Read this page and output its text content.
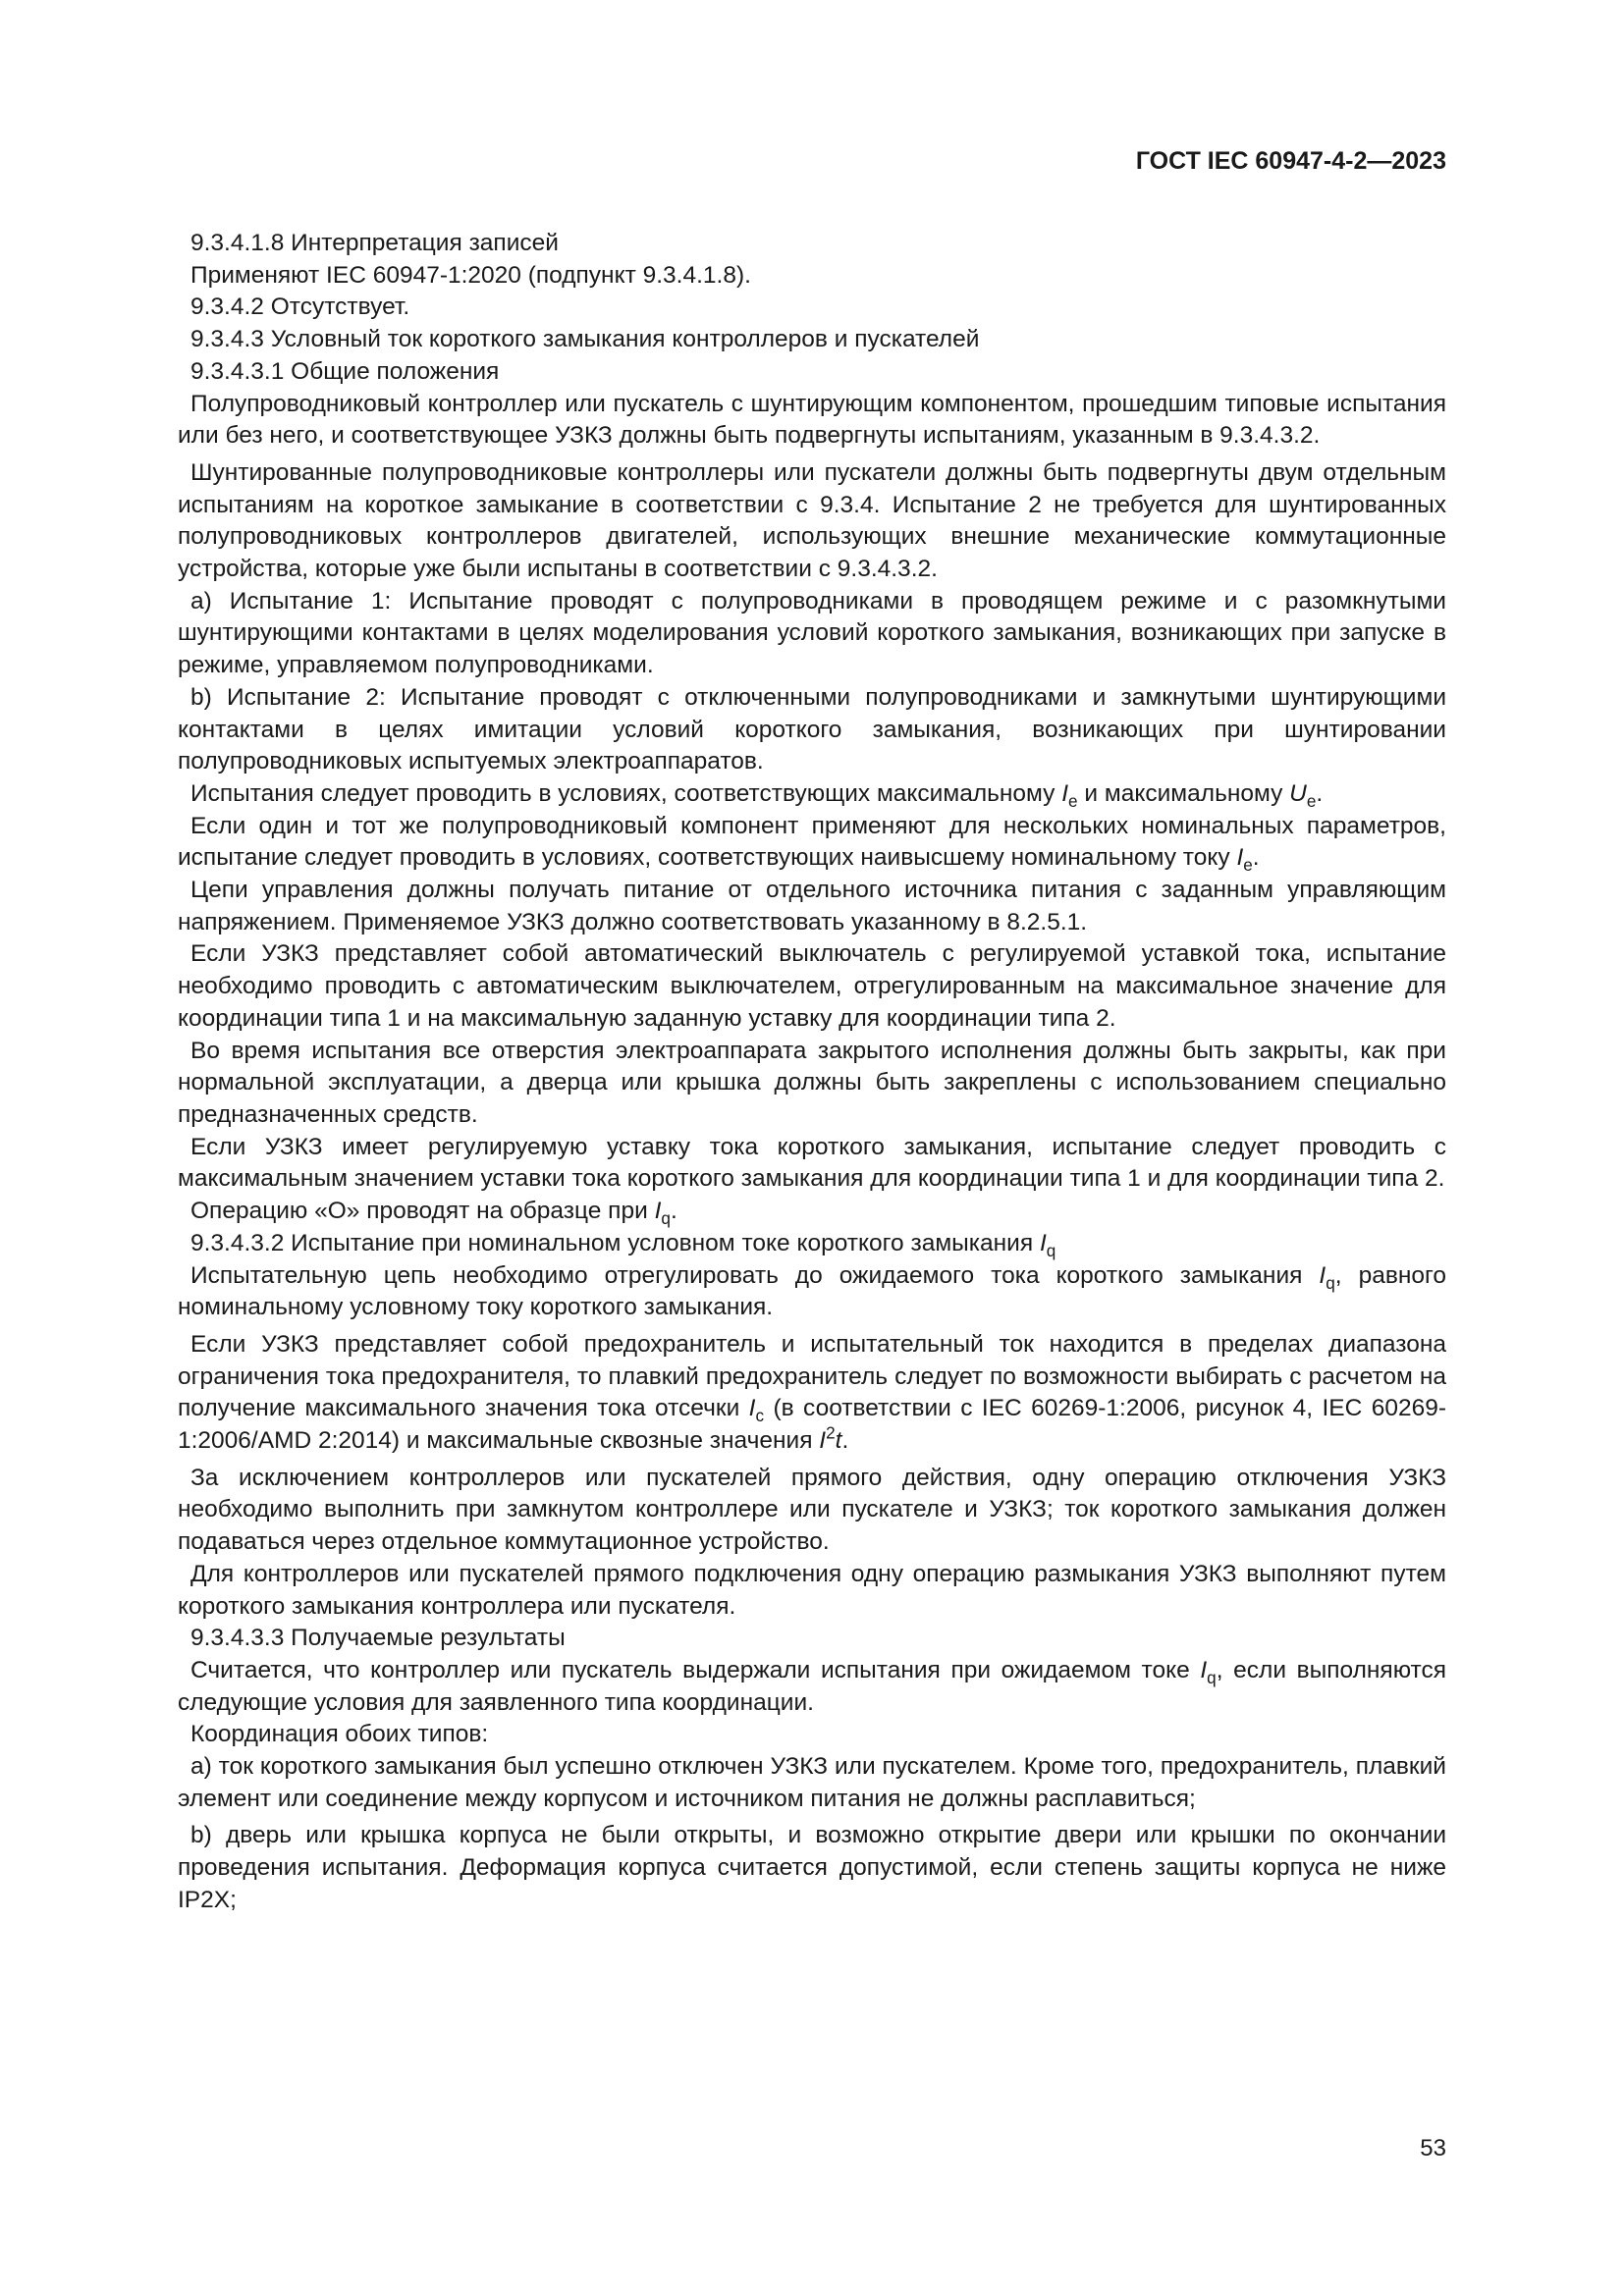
ГОСТ IEC 60947-4-2—2023

9.3.4.1.8 Интерпретация записей

Применяют IEC 60947-1:2020 (подпункт 9.3.4.1.8).

9.3.4.2 Отсутствует.

9.3.4.3 Условный ток короткого замыкания контроллеров и пускателей

9.3.4.3.1 Общие положения

Полупроводниковый контроллер или пускатель с шунтирующим компонентом, прошедшим типовые испытания или без него, и соответствующее УЗКЗ должны быть подвергнуты испытаниям, указанным в 9.3.4.3.2.

Шунтированные полупроводниковые контроллеры или пускатели должны быть подвергнуты двум отдельным испытаниям на короткое замыкание в соответствии с 9.3.4. Испытание 2 не требуется для шунтированных полупроводниковых контроллеров двигателей, использующих внешние механические коммутационные устройства, которые уже были испытаны в соответствии с 9.3.4.3.2.

a) Испытание 1: Испытание проводят с полупроводниками в проводящем режиме и с разомкнутыми шунтирующими контактами в целях моделирования условий короткого замыкания, возникающих при запуске в режиме, управляемом полупроводниками.

b) Испытание 2: Испытание проводят с отключенными полупроводниками и замкнутыми шунтирующими контактами в целях имитации условий короткого замыкания, возникающих при шунтировании полупроводниковых испытуемых электроаппаратов.

Испытания следует проводить в условиях, соответствующих максимальному $I_e$ и максимальному $U_e$.

Если один и тот же полупроводниковый компонент применяют для нескольких номинальных параметров, испытание следует проводить в условиях, соответствующих наивысшему номинальному току $I_e$.

Цепи управления должны получать питание от отдельного источника питания с заданным управляющим напряжением. Применяемое УЗКЗ должно соответствовать указанному в 8.2.5.1.

Если УЗКЗ представляет собой автоматический выключатель с регулируемой уставкой тока, испытание необходимо проводить с автоматическим выключателем, отрегулированным на максимальное значение для координации типа 1 и на максимальную заданную уставку для координации типа 2.

Во время испытания все отверстия электроаппарата закрытого исполнения должны быть закрыты, как при нормальной эксплуатации, а дверца или крышка должны быть закреплены с использованием специально предназначенных средств.

Если УЗКЗ имеет регулируемую уставку тока короткого замыкания, испытание следует проводить с максимальным значением уставки тока короткого замыкания для координации типа 1 и для координации типа 2.

Операцию «О» проводят на образце при $I_q$.

9.3.4.3.2 Испытание при номинальном условном токе короткого замыкания $I_q$

Испытательную цепь необходимо отрегулировать до ожидаемого тока короткого замыкания $I_q$, равного номинальному условному току короткого замыкания.

Если УЗКЗ представляет собой предохранитель и испытательный ток находится в пределах диапазона ограничения тока предохранителя, то плавкий предохранитель следует по возможности выбирать с расчетом на получение максимального значения тока отсечки $I_c$ (в соответствии с IEC 60269-1:2006, рисунок 4, IEC 60269-1:2006/AMD 2:2014) и максимальные сквозные значения $I^2t$.

За исключением контроллеров или пускателей прямого действия, одну операцию отключения УЗКЗ необходимо выполнить при замкнутом контроллере или пускателе и УЗКЗ; ток короткого замыкания должен подаваться через отдельное коммутационное устройство.

Для контроллеров или пускателей прямого подключения одну операцию размыкания УЗКЗ выполняют путем короткого замыкания контроллера или пускателя.

9.3.4.3.3 Получаемые результаты

Считается, что контроллер или пускатель выдержали испытания при ожидаемом токе $I_q$, если выполняются следующие условия для заявленного типа координации.

Координация обоих типов:

a) ток короткого замыкания был успешно отключен УЗКЗ или пускателем. Кроме того, предохранитель, плавкий элемент или соединение между корпусом и источником питания не должны расплавиться;

b) дверь или крышка корпуса не были открыты, и возможно открытие двери или крышки по окончании проведения испытания. Деформация корпуса считается допустимой, если степень защиты корпуса не ниже IP2X;

53
